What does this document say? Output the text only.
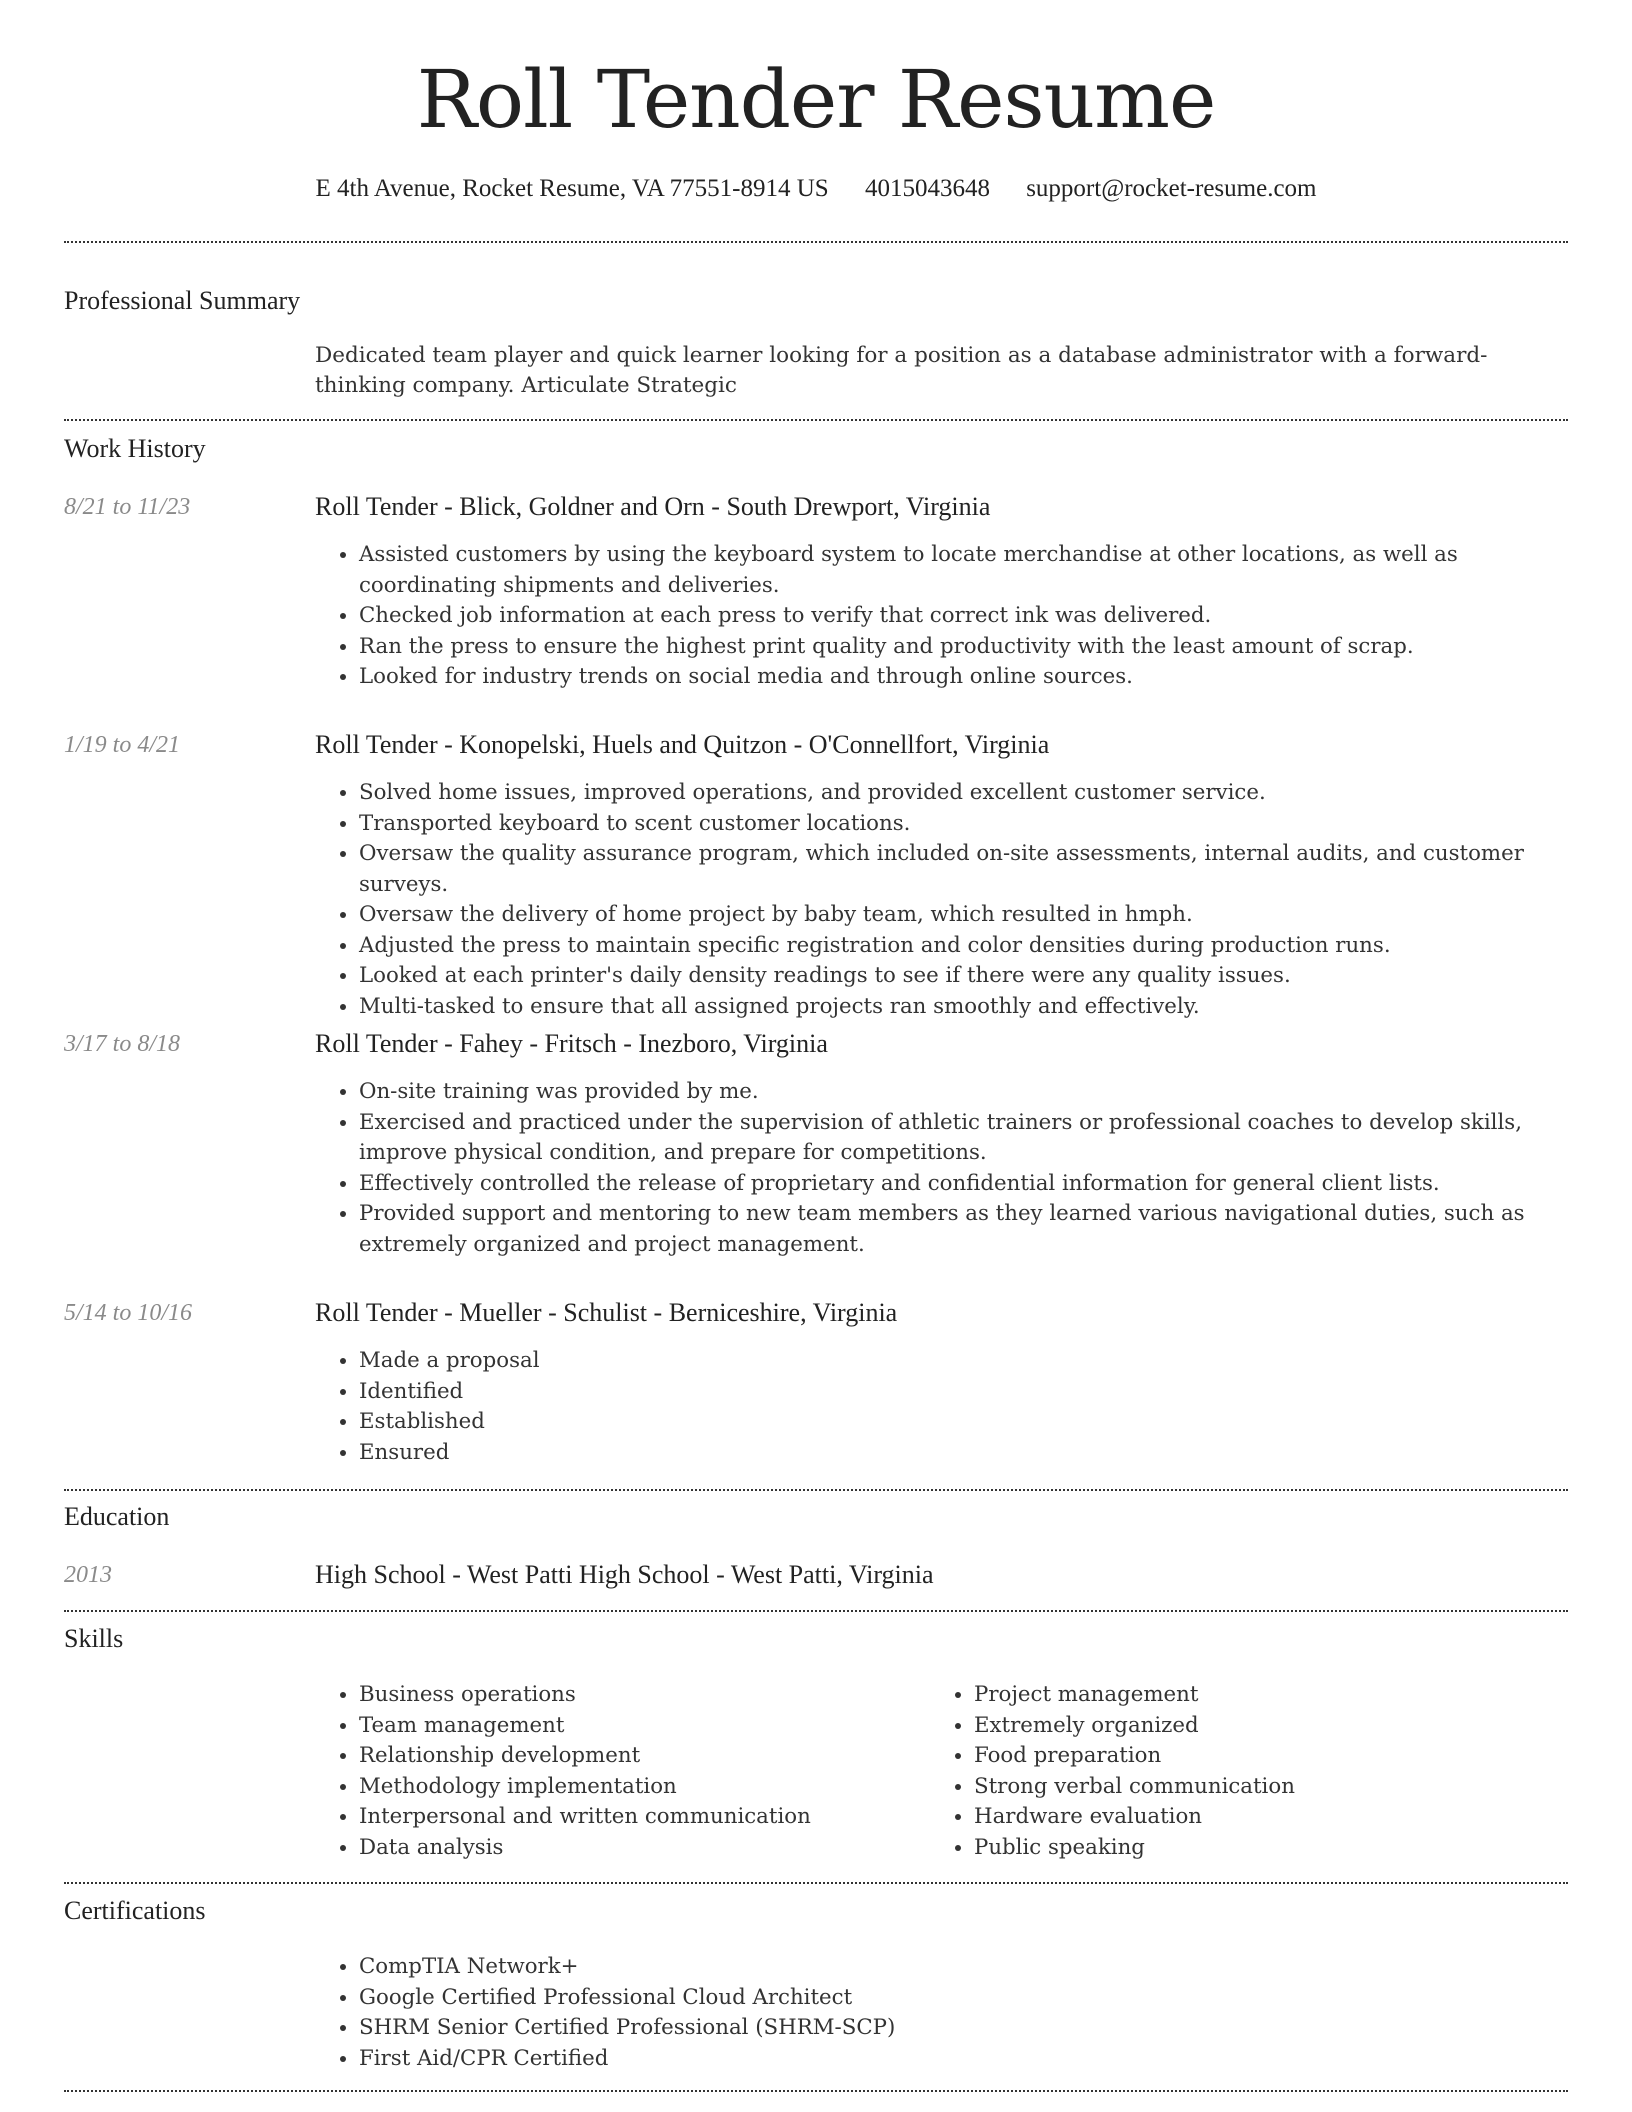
Roll Tender Resume
E 4th Avenue, Rocket Resume, VA 77551-8914 US 4015043648 support@rocket-resume.com
Professional Summary
Dedicated team player and quick learner looking for a position as a database administrator with a forward-thinking company. Articulate Strategic
Work History
8/21 to 11/23	Roll Tender - Blick, Goldner and Orn - South Drewport, Virginia
• Assisted customers by using the keyboard system to locate merchandise at other locations, as well as coordinating shipments and deliveries.
• Checked job information at each press to verify that correct ink was delivered.
• Ran the press to ensure the highest print quality and productivity with the least amount of scrap.
• Looked for industry trends on social media and through online sources.
1/19 to 4/21	Roll Tender - Konopelski, Huels and Quitzon - O'Connellfort, Virginia
• Solved home issues, improved operations, and provided excellent customer service.
• Transported keyboard to scent customer locations.
• Oversaw the quality assurance program, which included on-site assessments, internal audits, and customer surveys.
• Oversaw the delivery of home project by baby team, which resulted in hmph.
• Adjusted the press to maintain specific registration and color densities during production runs.
• Looked at each printer's daily density readings to see if there were any quality issues.
• Multi-tasked to ensure that all assigned projects ran smoothly and effectively.
3/17 to 8/18	Roll Tender - Fahey - Fritsch - Inezboro, Virginia
• On-site training was provided by me.
• Exercised and practiced under the supervision of athletic trainers or professional coaches to develop skills, improve physical condition, and prepare for competitions.
• Effectively controlled the release of proprietary and confidential information for general client lists.
• Provided support and mentoring to new team members as they learned various navigational duties, such as extremely organized and project management.
5/14 to 10/16	Roll Tender - Mueller - Schulist - Berniceshire, Virginia
• Made a proposal
• Identified
• Established
• Ensured
Education
2013	High School - West Patti High School - West Patti, Virginia
Skills
• Business operations
• Team management
• Relationship development
• Methodology implementation
• Interpersonal and written communication
• Data analysis
• Project management
• Extremely organized
• Food preparation
• Strong verbal communication
• Hardware evaluation
• Public speaking
Certifications
• CompTIA Network+
• Google Certified Professional Cloud Architect
• SHRM Senior Certified Professional (SHRM-SCP)
• First Aid/CPR Certified
